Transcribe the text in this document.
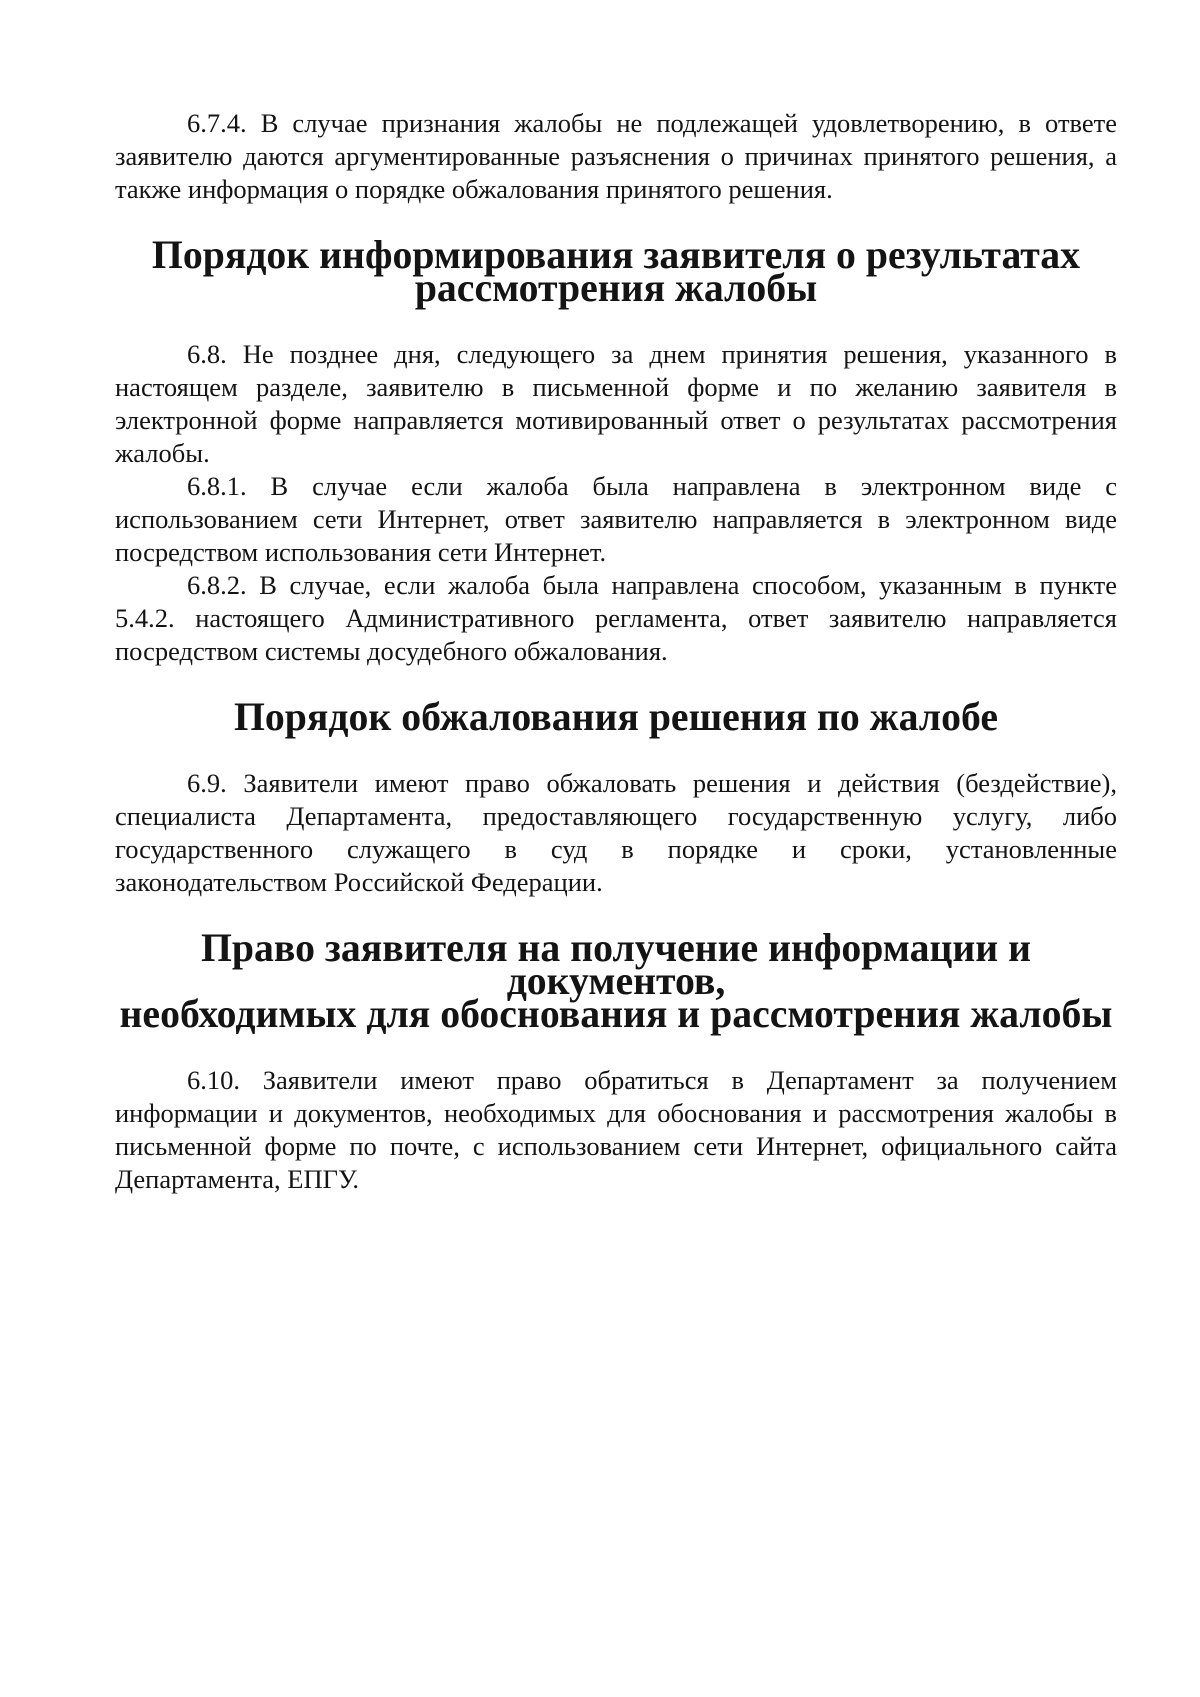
6.7.4. В случае признания жалобы не подлежащей удовлетворению, в ответе заявителю даются аргументированные разъяснения о причинах принятого решения, а также информация о порядке обжалования принятого решения.

Порядок информирования заявителя о результатах рассмотрения жалобы

6.8. Не позднее дня, следующего за днем принятия решения, указанного в настоящем разделе, заявителю в письменной форме и по желанию заявителя в электронной форме направляется мотивированный ответ о результатах рассмотрения жалобы.

6.8.1. В случае если жалоба была направлена в электронном виде с использованием сети Интернет, ответ заявителю направляется в электронном виде посредством использования сети Интернет.

6.8.2. В случае, если жалоба была направлена способом, указанным в пункте 5.4.2. настоящего Административного регламента, ответ заявителю направляется посредством системы досудебного обжалования.

Порядок обжалования решения по жалобе

6.9. Заявители имеют право обжаловать решения и действия (бездействие), специалиста Департамента, предоставляющего государственную услугу, либо государственного служащего в суд в порядке и сроки, установленные законодательством Российской Федерации.

Право заявителя на получение информации и документов,
необходимых для обоснования и рассмотрения жалобы

6.10. Заявители имеют право обратиться в Департамент за получением информации и документов, необходимых для обоснования и рассмотрения жалобы в письменной форме по почте, с использованием сети Интернет, официального сайта Департамента, ЕПГУ.
